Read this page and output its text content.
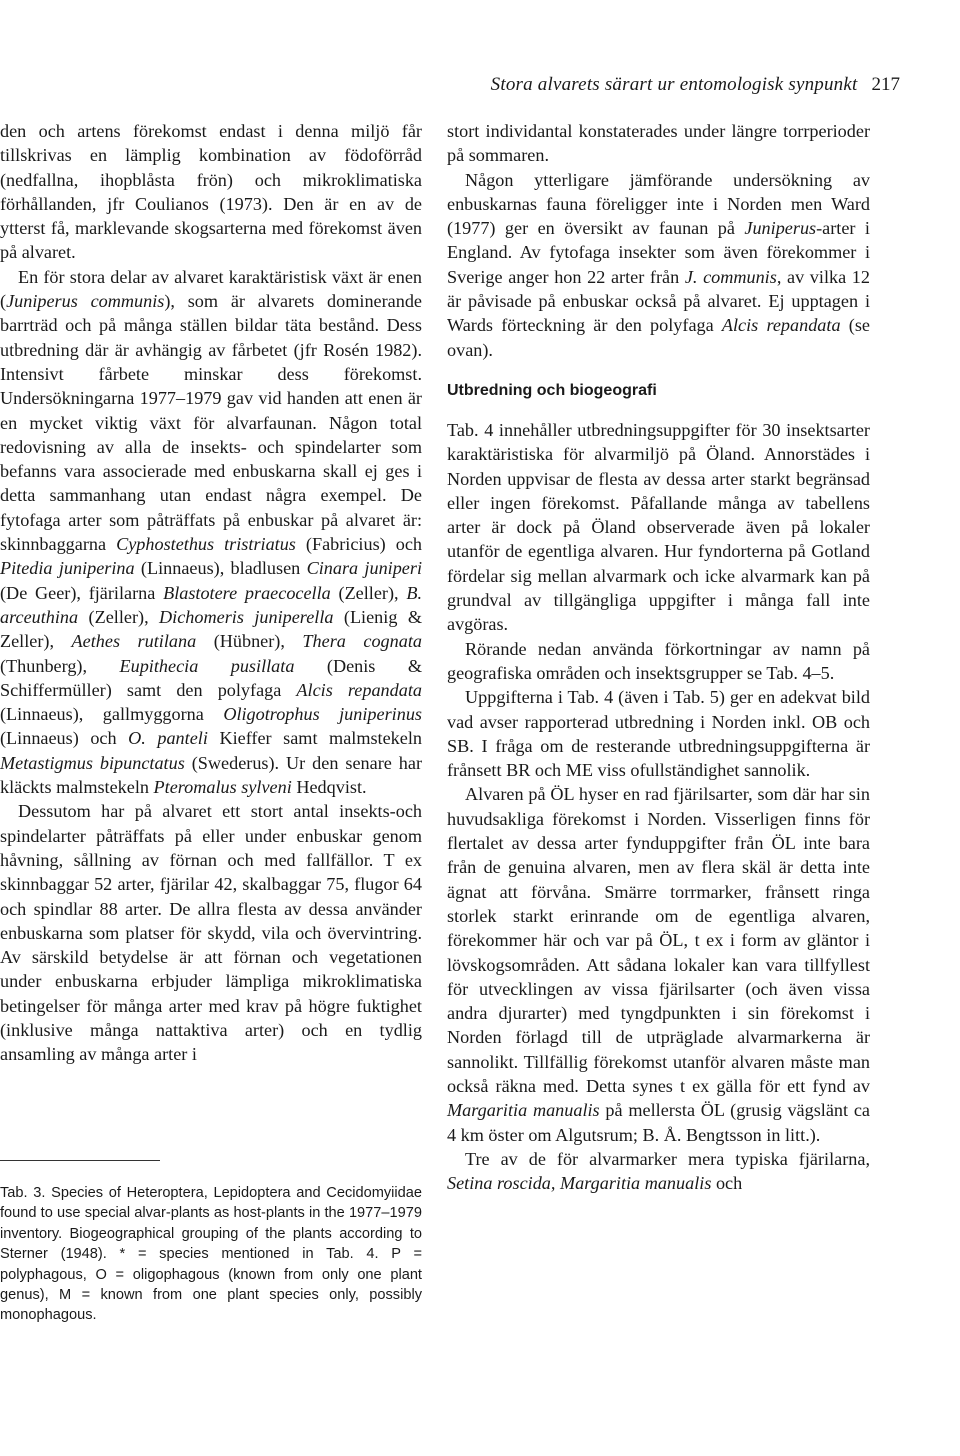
Stora alvarets särart ur entomologisk synpunkt 217

den och artens förekomst endast i denna miljö får tillskrivas en lämplig kombination av födoförråd (nedfallna, ihopblåsta frön) och mikroklimatiska förhållanden, jfr Coulianos (1973). Den är en av de ytterst få, marklevande skogsarterna med förekomst även på alvaret.

En för stora delar av alvaret karaktäristisk växt är enen (Juniperus communis), som är alvarets dominerande barrträd och på många ställen bildar täta bestånd. Dess utbredning där är avhängig av fårbetet (jfr Rosén 1982). Intensivt fårbete minskar dess förekomst. Undersökningarna 1977–1979 gav vid handen att enen är en mycket viktig växt för alvarfaunan. Någon total redovisning av alla de insekts- och spindelarter som befanns vara associerade med enbuskarna skall ej ges i detta sammanhang utan endast några exempel. De fytofaga arter som påträffats på enbuskar på alvaret är: skinnbaggarna Cyphostethus tristriatus (Fabricius) och Pitedia juniperina (Linnaeus), bladlusen Cinara juniperi (De Geer), fjärilarna Blastotere praecocella (Zeller), B. arceuthina (Zeller), Dichomeris juniperella (Lienig & Zeller), Aethes rutilana (Hübner), Thera cognata (Thunberg), Eupithecia pusillata (Denis & Schiffermüller) samt den polyfaga Alcis repandata (Linnaeus), gallmyggorna Oligotrophus juniperinus (Linnaeus) och O. panteli Kieffer samt malmstekeln Metastigmus bipunctatus (Swederus). Ur den senare har kläckts malmstekeln Pteromalus sylveni Hedqvist.

Dessutom har på alvaret ett stort antal insekts-och spindelarter påträffats på eller under enbuskar genom håvning, sållning av förnan och med fallfällor. T ex skinnbaggar 52 arter, fjärilar 42, skalbaggar 75, flugor 64 och spindlar 88 arter. De allra flesta av dessa använder enbuskarna som platser för skydd, vila och övervintring. Av särskild betydelse är att förnan och vegetationen under enbuskarna erbjuder lämpliga mikroklimatiska betingelser för många arter med krav på högre fuktighet (inklusive många nattaktiva arter) och en tydlig ansamling av många arter i

Tab. 3. Species of Heteroptera, Lepidoptera and Cecidomyiidae found to use special alvar-plants as host-plants in the 1977–1979 inventory. Biogeographical grouping of the plants according to Sterner (1948). * = species mentioned in Tab. 4. P = polyphagous, O = oligophagous (known from only one plant genus), M = known from one plant species only, possibly monophagous.

stort individantal konstaterades under längre torrperioder på sommaren.

Någon ytterligare jämförande undersökning av enbuskarnas fauna föreligger inte i Norden men Ward (1977) ger en översikt av faunan på Juniperus-arter i England. Av fytofaga insekter som även förekommer i Sverige anger hon 22 arter från J. communis, av vilka 12 är påvisade på enbuskar också på alvaret. Ej upptagen i Wards förteckning är den polyfaga Alcis repandata (se ovan).

Utbredning och biogeografi

Tab. 4 innehåller utbredningsuppgifter för 30 insektsarter karaktäristiska för alvarmiljö på Öland. Annorstädes i Norden uppvisar de flesta av dessa arter starkt begränsad eller ingen förekomst. Påfallande många av tabellens arter är dock på Öland observerade även på lokaler utanför de egentliga alvaren. Hur fyndorterna på Gotland fördelar sig mellan alvarmark och icke alvarmark kan på grundval av tillgängliga uppgifter i många fall inte avgöras.

Rörande nedan använda förkortningar av namn på geografiska områden och insektsgrupper se Tab. 4–5.

Uppgifterna i Tab. 4 (även i Tab. 5) ger en adekvat bild vad avser rapporterad utbredning i Norden inkl. OB och SB. I fråga om de resterande utbredningsuppgifterna är frånsett BR och ME viss ofullständighet sannolik.

Alvaren på ÖL hyser en rad fjärilsarter, som där har sin huvudsakliga förekomst i Norden. Visserligen finns för flertalet av dessa arter fynduppgifter från ÖL inte bara från de genuina alvaren, men av flera skäl är detta inte ägnat att förvåna. Smärre torrmarker, frånsett ringa storlek starkt erinrande om de egentliga alvaren, förekommer här och var på ÖL, t ex i form av gläntor i lövskogsområden. Att sådana lokaler kan vara tillfyllest för utvecklingen av vissa fjärilsarter (och även vissa andra djurarter) med tyngdpunkten i sin förekomst i Norden förlagd till de utpräglade alvarmarkerna är sannolikt. Tillfällig förekomst utanför alvaren måste man också räkna med. Detta synes t ex gälla för ett fynd av Margaritia manualis på mellersta ÖL (grusig vägslänt ca 4 km öster om Algutsrum; B. Å. Bengtsson in litt.).

Tre av de för alvarmarker mera typiska fjärilarna, Setina roscida, Margaritia manualis och
